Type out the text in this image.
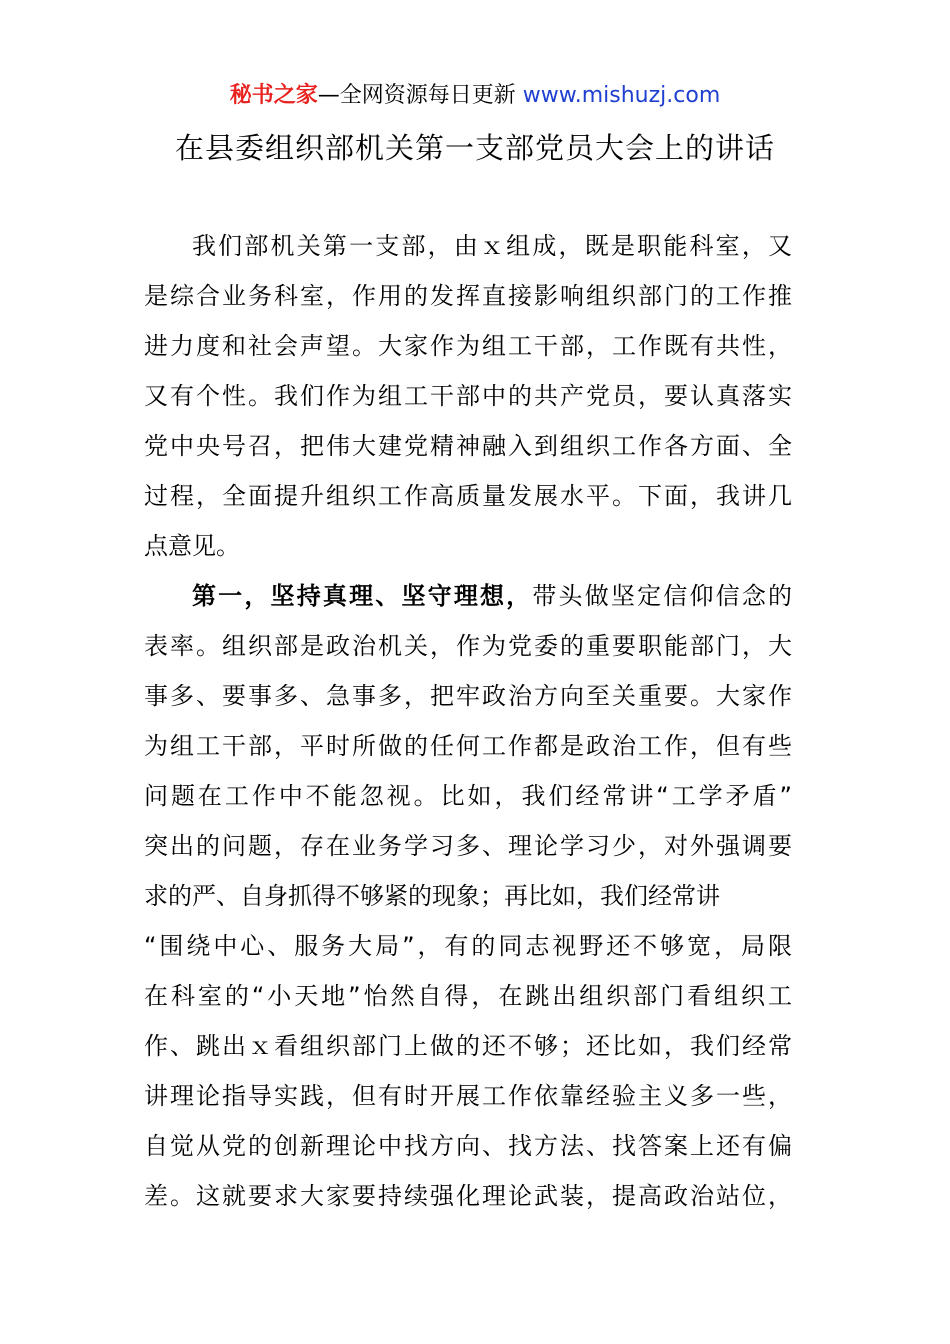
秘书之家—全网资源每日更新 www.mishuzj.com
在县委组织部机关第一支部党员大会上的讲话
我们部机关第一支部，由ｘ组成，既是职能科室，又
是综合业务科室，作用的发挥直接影响组织部门的工作推
进力度和社会声望。大家作为组工干部，工作既有共性，
又有个性。我们作为组工干部中的共产党员，要认真落实
党中央号召，把伟大建党精神融入到组织工作各方面、全
过程，全面提升组织工作高质量发展水平。下面，我讲几
点意见。
第一，坚持真理、坚守理想，带头做坚定信仰信念的
表率。组织部是政治机关，作为党委的重要职能部门，大
事多、要事多、急事多，把牢政治方向至关重要。大家作
为组工干部，平时所做的任何工作都是政治工作，但有些
问题在工作中不能忽视。比如，我们经常讲“工学矛盾”
突出的问题，存在业务学习多、理论学习少，对外强调要
求的严、自身抓得不够紧的现象；再比如，我们经常讲
“围绕中心、服务大局”，有的同志视野还不够宽，局限
在科室的“小天地”怡然自得，在跳出组织部门看组织工
作、跳出ｘ看组织部门上做的还不够；还比如，我们经常
讲理论指导实践，但有时开展工作依靠经验主义多一些，
自觉从党的创新理论中找方向、找方法、找答案上还有偏
差。这就要求大家要持续强化理论武装，提高政治站位，
